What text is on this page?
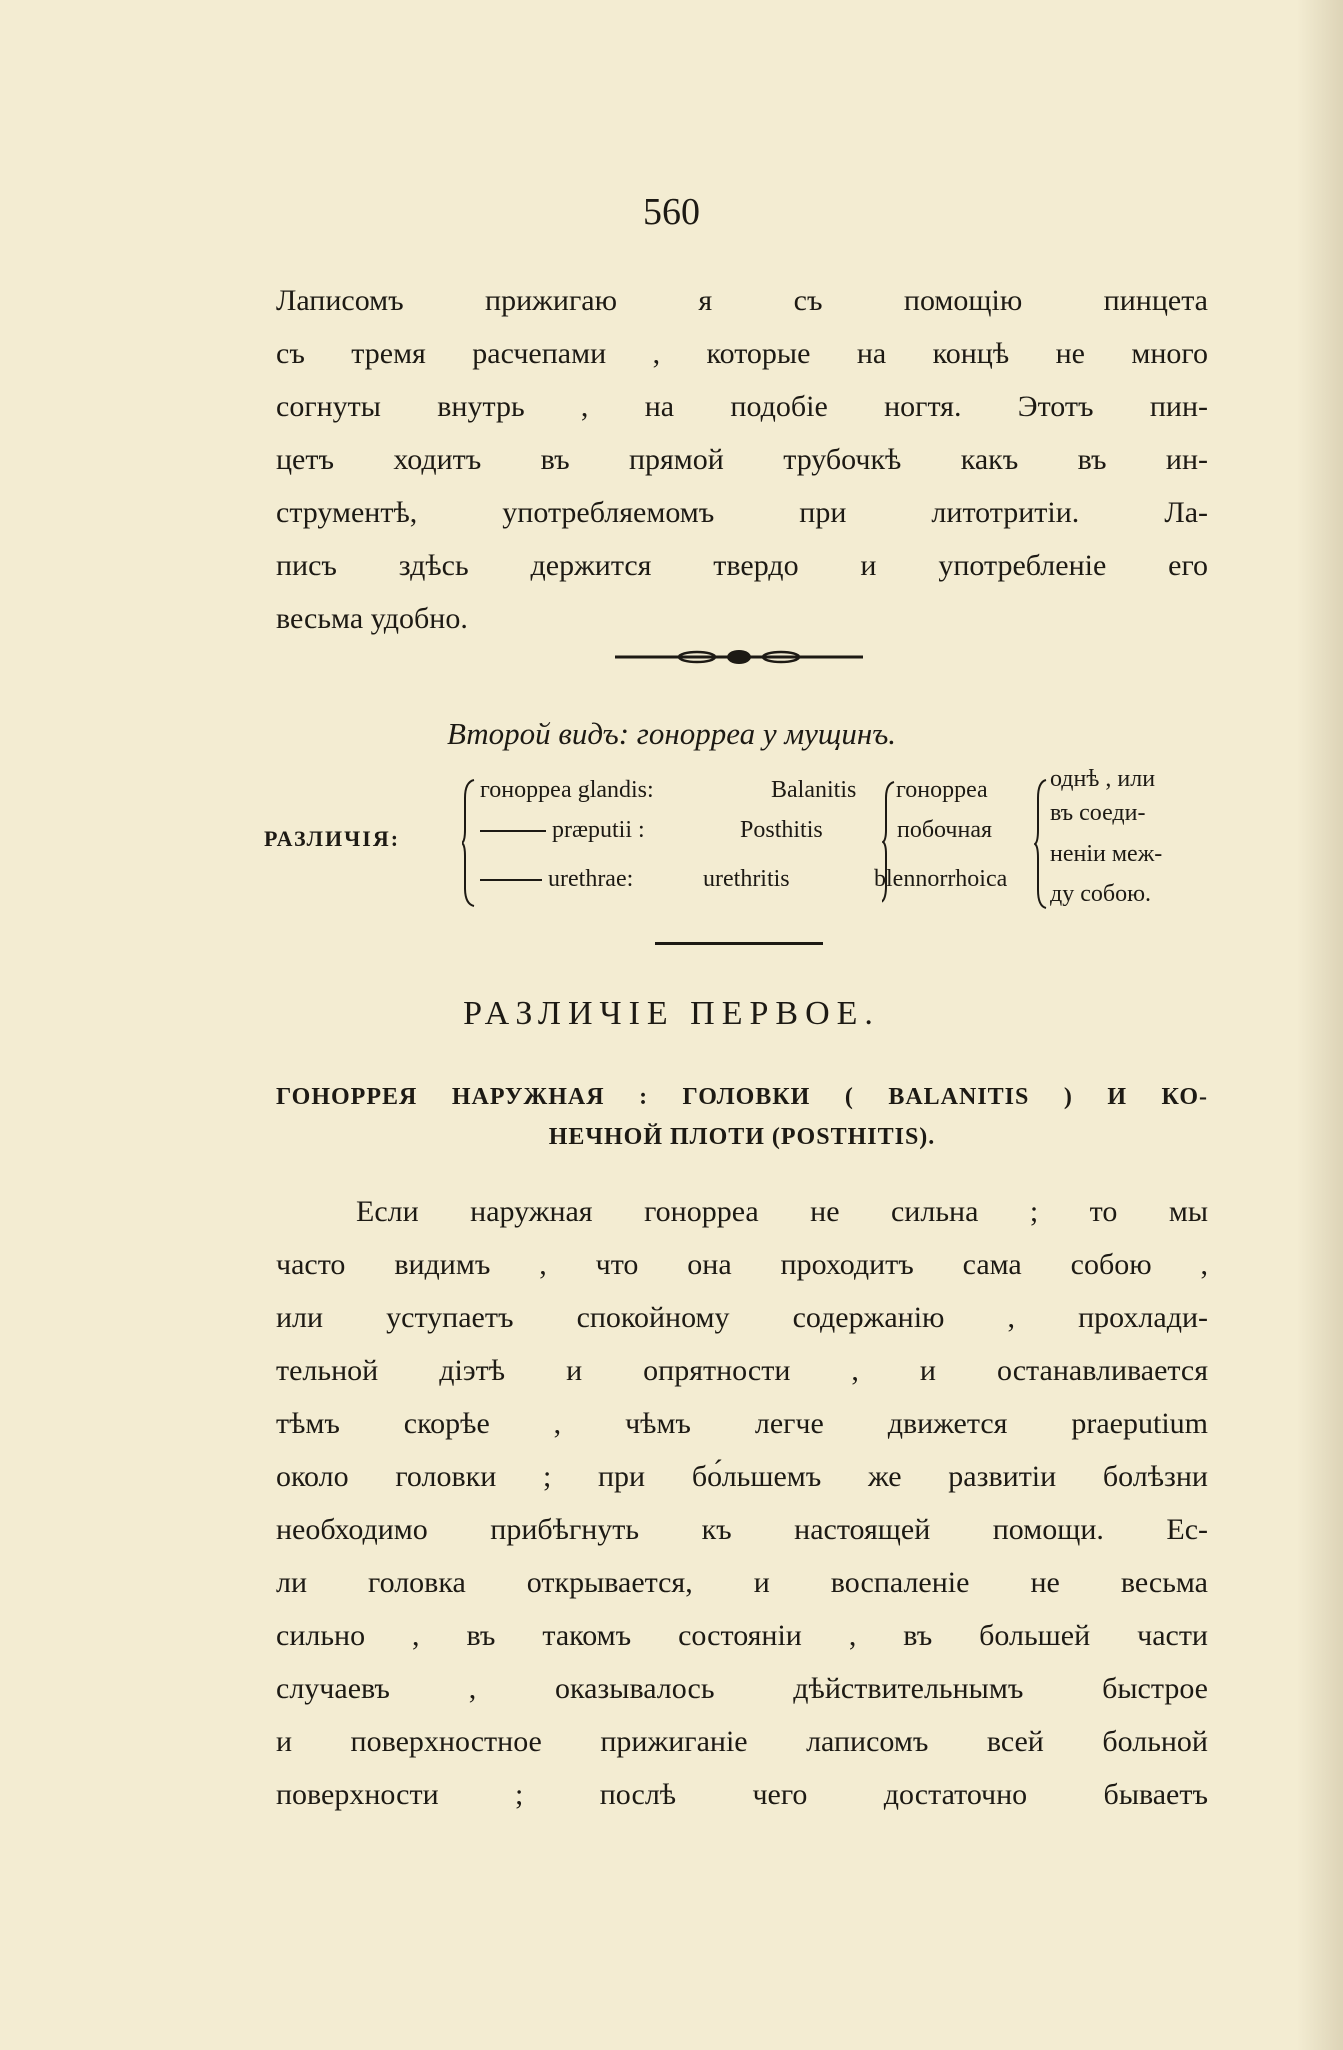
560
Лаписомъ прижигаю я съ помощію пинцета
съ тремя расчепами , которые на концѣ не много
согнуты внутрь , на подобіе ногтя. Этотъ пин-
цетъ ходитъ въ прямой трубочкѣ какъ въ ин-
струментѣ, употребляемомъ при литотритіи. Ла-
писъ здѣсь держится твердо и употребленіе его
весьма удобно.
Второй видъ: гонорреа у мущинъ.
РАЗЛИЧІЯ:
гонорреа glandis:
præputii :
urethrae:
Balanitis
Posthitis
urethritis
гонорреа
побочная
blennorrhoica
однѣ , или
въ соеди-
неніи меж-
ду собою.
РАЗЛИЧІЕ ПЕРВОЕ.
ГОНОРРЕЯ НАРУЖНАЯ : ГОЛОВКИ ( BALANITIS ) И КО-
НЕЧНОЙ ПЛОТИ (POSTHITIS).
Если наружная гонорреа не сильна ; то мы
часто видимъ , что она проходитъ сама собою ,
или уступаетъ спокойному содержанію , прохлади-
тельной діэтѣ и опрятности , и останавливается
тѣмъ скорѣе , чѣмъ легче движется praeputium
около головки ; при бо́льшемъ же развитіи болѣзни
необходимо прибѣгнуть къ настоящей помощи. Ес-
ли головка открывается, и воспаленіе не весьма
сильно , въ такомъ состояніи , въ большей части
случаевъ , оказывалось дѣйствительнымъ быстрое
и поверхностное прижиганіе лаписомъ всей больной
поверхности ; послѣ чего достаточно бываетъ
